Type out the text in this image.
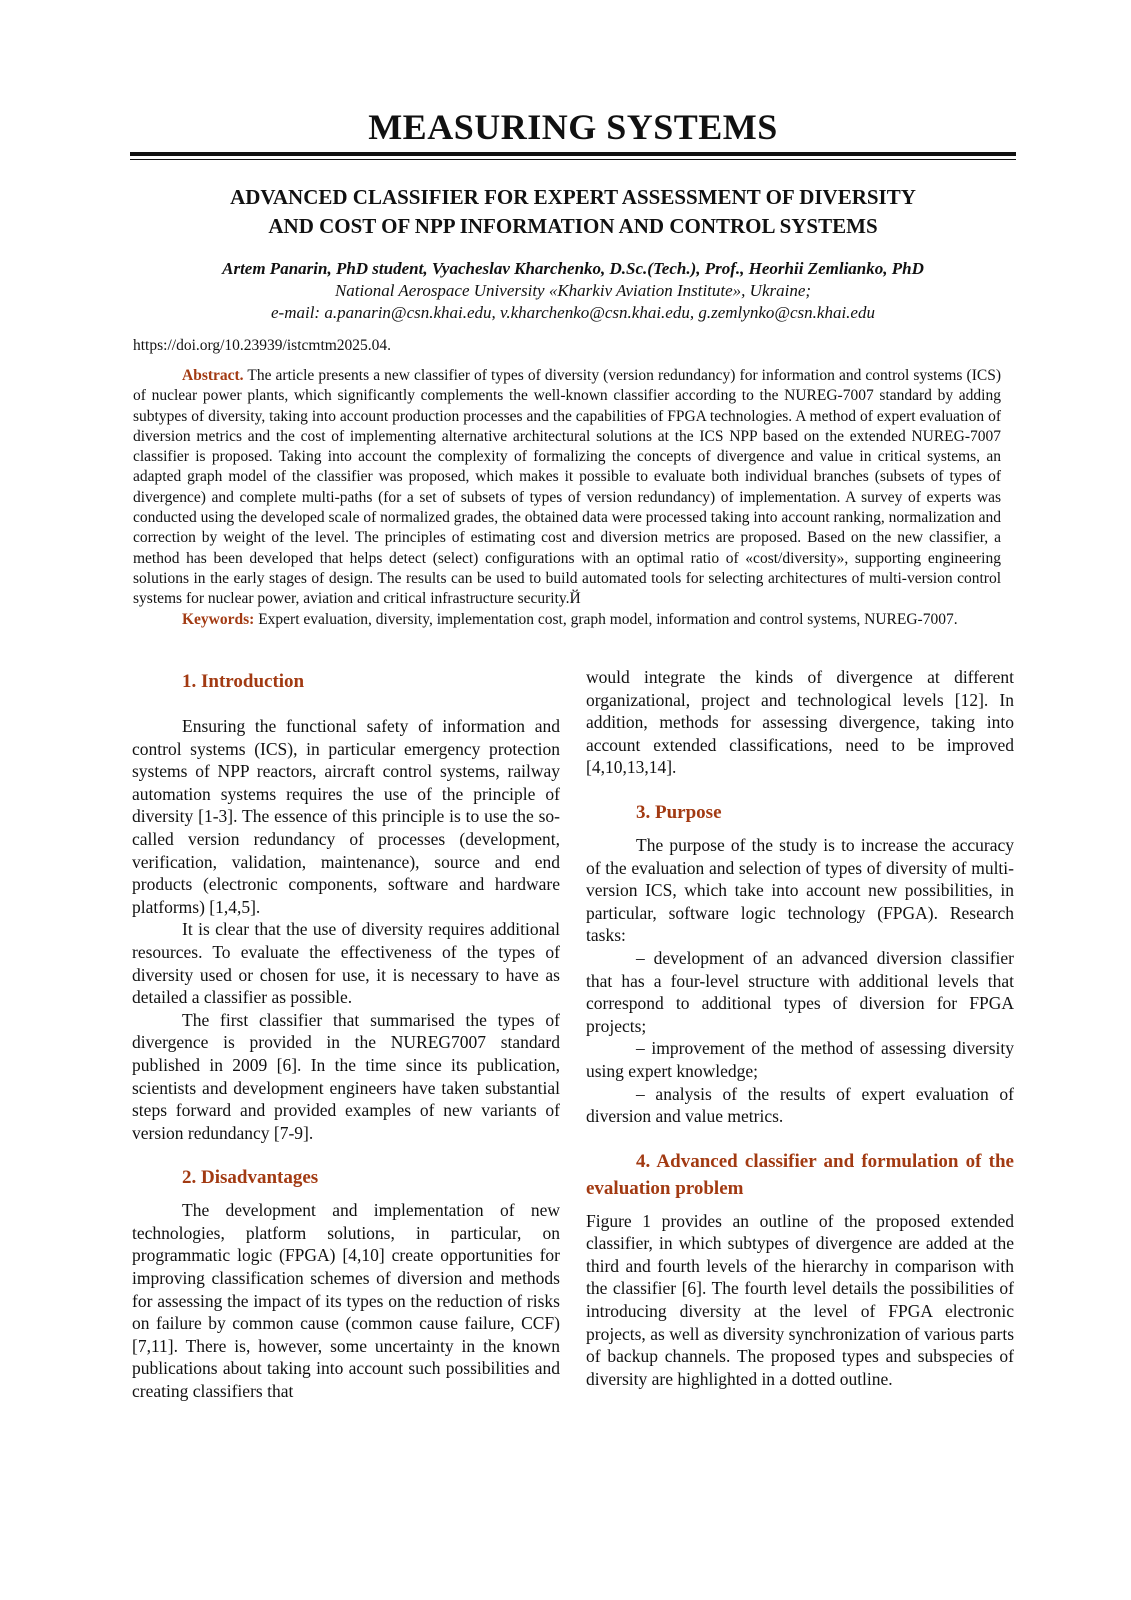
MEASURING SYSTEMS
ADVANCED CLASSIFIER FOR EXPERT ASSESSMENT OF DIVERSITY
AND COST OF NPP INFORMATION AND CONTROL SYSTEMS
Artem Panarin, PhD student, Vyacheslav Kharchenko, D.Sc.(Tech.), Prof., Heorhii Zemlianko, PhD
National Aerospace University «Kharkiv Aviation Institute», Ukraine;
e-mail: a.panarin@csn.khai.edu, v.kharchenko@csn.khai.edu, g.zemlynko@csn.khai.edu
https://doi.org/10.23939/istcmtm2025.04.

Abstract. The article presents a new classifier of types of diversity (version redundancy) for information and control systems (ICS) of nuclear power plants, which significantly complements the well-known classifier according to the NUREG-7007 standard by adding subtypes of diversity, taking into account production processes and the capabilities of FPGA technologies. A method of expert evaluation of diversion metrics and the cost of implementing alternative architectural solutions at the ICS NPP based on the extended NUREG-7007 classifier is proposed. Taking into account the complexity of formalizing the concepts of divergence and value in critical systems, an adapted graph model of the classifier was proposed, which makes it possible to evaluate both individual branches (subsets of types of divergence) and complete multi-paths (for a set of subsets of types of version redundancy) of implementation. A survey of experts was conducted using the developed scale of normalized grades, the obtained data were processed taking into account ranking, normalization and correction by weight of the level. The principles of estimating cost and diversion metrics are proposed. Based on the new classifier, a method has been developed that helps detect (select) configurations with an optimal ratio of «cost/diversity», supporting engineering solutions in the early stages of design. The results can be used to build automated tools for selecting architectures of multi-version control systems for nuclear power, aviation and critical infrastructure security.Й

Keywords: Expert evaluation, diversity, implementation cost, graph model, information and control systems, NUREG-7007.

1. Introduction

Ensuring the functional safety of information and control systems (ICS), in particular emergency protection systems of NPP reactors, aircraft control systems, railway automation systems requires the use of the principle of diversity [1-3]. The essence of this principle is to use the so-called version redundancy of processes (development, verification, validation, maintenance), source and end products (electronic components, software and hardware platforms) [1,4,5].

It is clear that the use of diversity requires additional resources. To evaluate the effectiveness of the types of diversity used or chosen for use, it is necessary to have as detailed a classifier as possible.

The first classifier that summarised the types of divergence is provided in the NUREG7007 standard published in 2009 [6]. In the time since its publication, scientists and development engineers have taken substantial steps forward and provided examples of new variants of version redundancy [7-9].

2. Disadvantages

The development and implementation of new technologies, platform solutions, in particular, on programmatic logic (FPGA) [4,10] create opportunities for improving classification schemes of diversion and methods for assessing the impact of its types on the reduction of risks on failure by common cause (common cause failure, CCF) [7,11]. There is, however, some uncertainty in the known publications about taking into account such possibilities and creating classifiers that

would integrate the kinds of divergence at different organizational, project and technological levels [12]. In addition, methods for assessing divergence, taking into account extended classifications, need to be improved [4,10,13,14].

3. Purpose

The purpose of the study is to increase the accuracy of the evaluation and selection of types of diversity of multi-version ICS, which take into account new possibilities, in particular, software logic technology (FPGA). Research tasks:

– development of an advanced diversion classifier that has a four-level structure with additional levels that correspond to additional types of diversion for FPGA projects;

– improvement of the method of assessing diversity using expert knowledge;

– analysis of the results of expert evaluation of diversion and value metrics.

4. Advanced classifier and formulation of the evaluation problem

Figure 1 provides an outline of the proposed extended classifier, in which subtypes of divergence are added at the third and fourth levels of the hierarchy in comparison with the classifier [6]. The fourth level details the possibilities of introducing diversity at the level of FPGA electronic projects, as well as diversity synchronization of various parts of backup channels. The proposed types and subspecies of diversity are highlighted in a dotted outline.
